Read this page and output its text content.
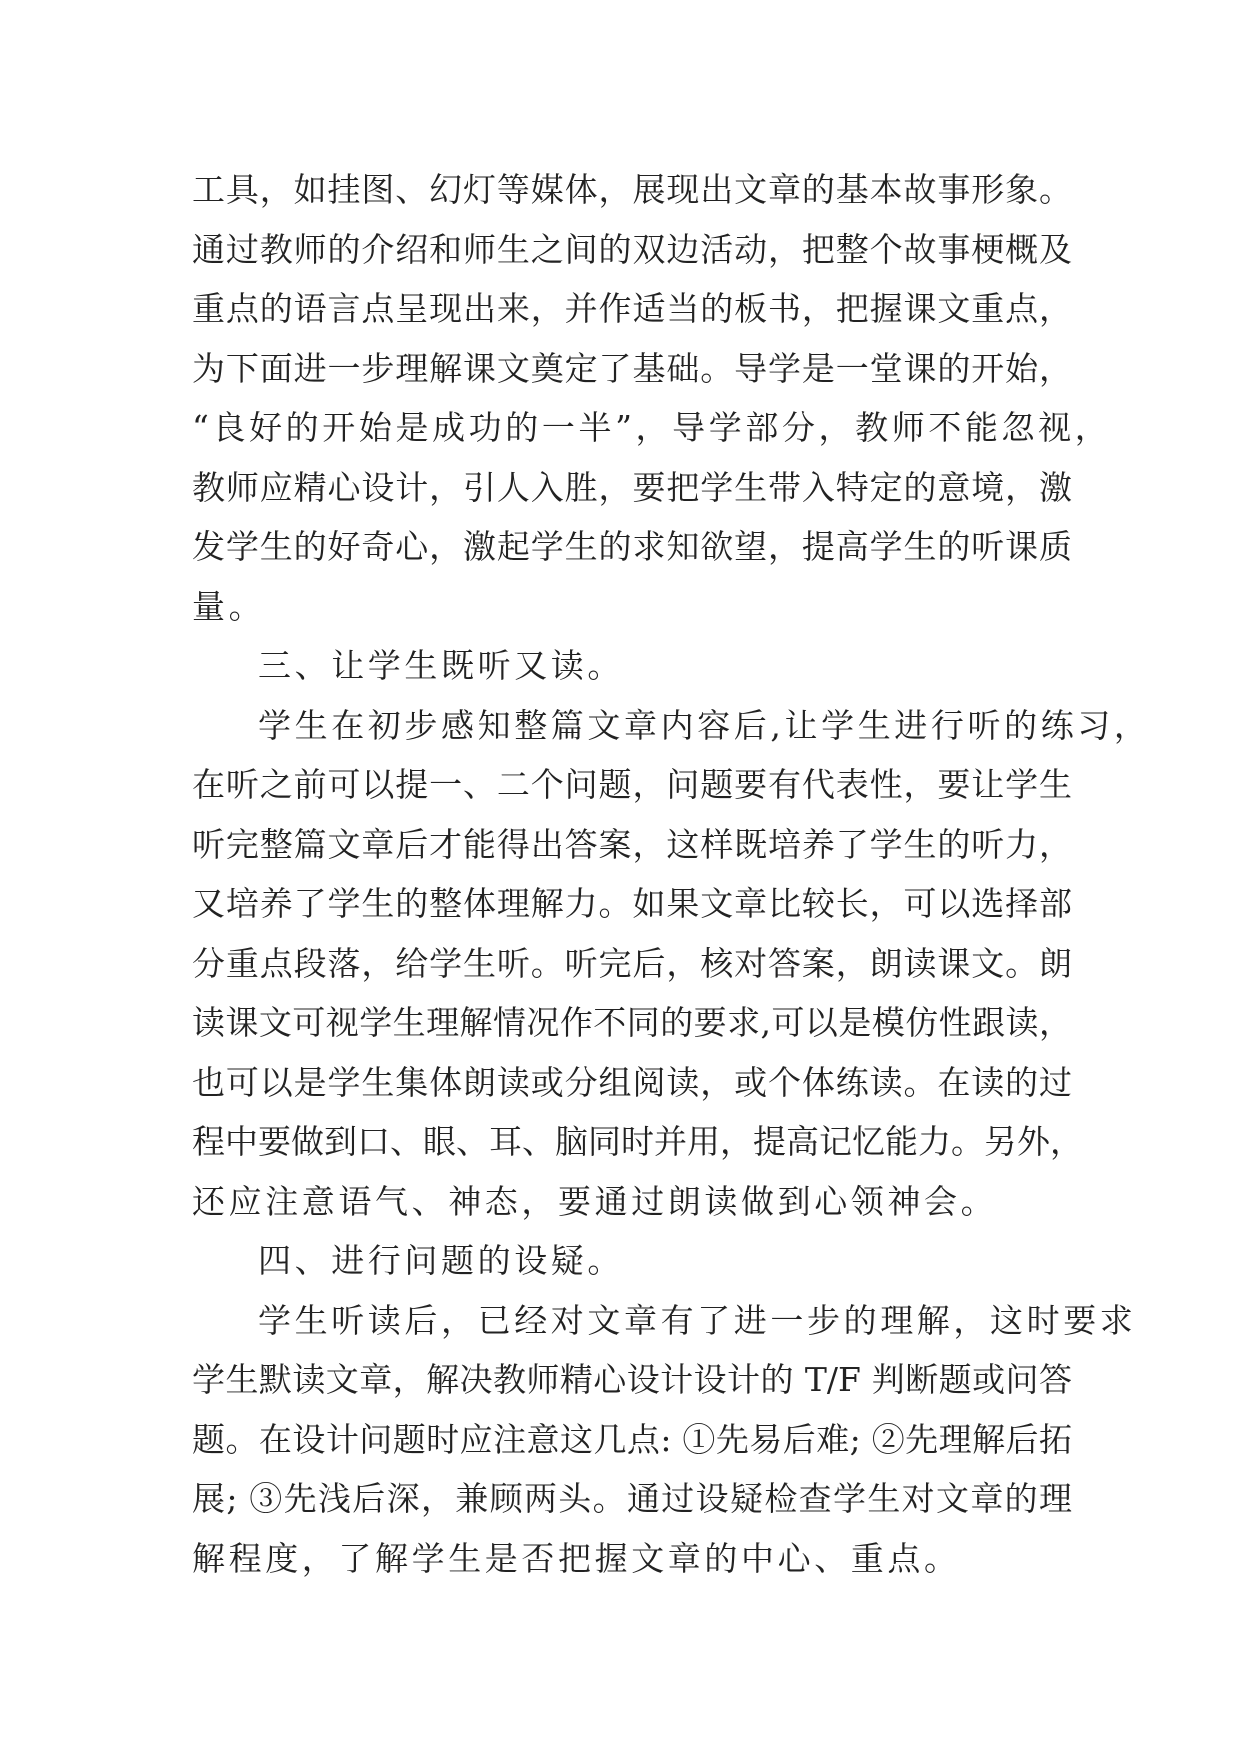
工具，如挂图、幻灯等媒体，展现出文章的基本故事形象。
通过教师的介绍和师生之间的双边活动，把整个故事梗概及
重点的语言点呈现出来，并作适当的板书，把握课文重点，
为下面进一步理解课文奠定了基础。导学是一堂课的开始，
“良好的开始是成功的一半”，导学部分，教师不能忽视，
教师应精心设计，引人入胜，要把学生带入特定的意境，激
发学生的好奇心，激起学生的求知欲望，提高学生的听课质
量。
三、让学生既听又读。
学生在初步感知整篇文章内容后,让学生进行听的练习，
在听之前可以提一、二个问题，问题要有代表性，要让学生
听完整篇文章后才能得出答案，这样既培养了学生的听力，
又培养了学生的整体理解力。如果文章比较长，可以选择部
分重点段落，给学生听。听完后，核对答案，朗读课文。朗
读课文可视学生理解情况作不同的要求,可以是模仿性跟读，
也可以是学生集体朗读或分组阅读，或个体练读。在读的过
程中要做到口、眼、耳、脑同时并用，提高记忆能力。另外，
还应注意语气、神态，要通过朗读做到心领神会。
四、进行问题的设疑。
学生听读后，已经对文章有了进一步的理解，这时要求
学生默读文章，解决教师精心设计设计的 T/F 判断题或问答
题。在设计问题时应注意这几点: ①先易后难; ②先理解后拓
展; ③先浅后深，兼顾两头。通过设疑检查学生对文章的理
解程度，了解学生是否把握文章的中心、重点。
